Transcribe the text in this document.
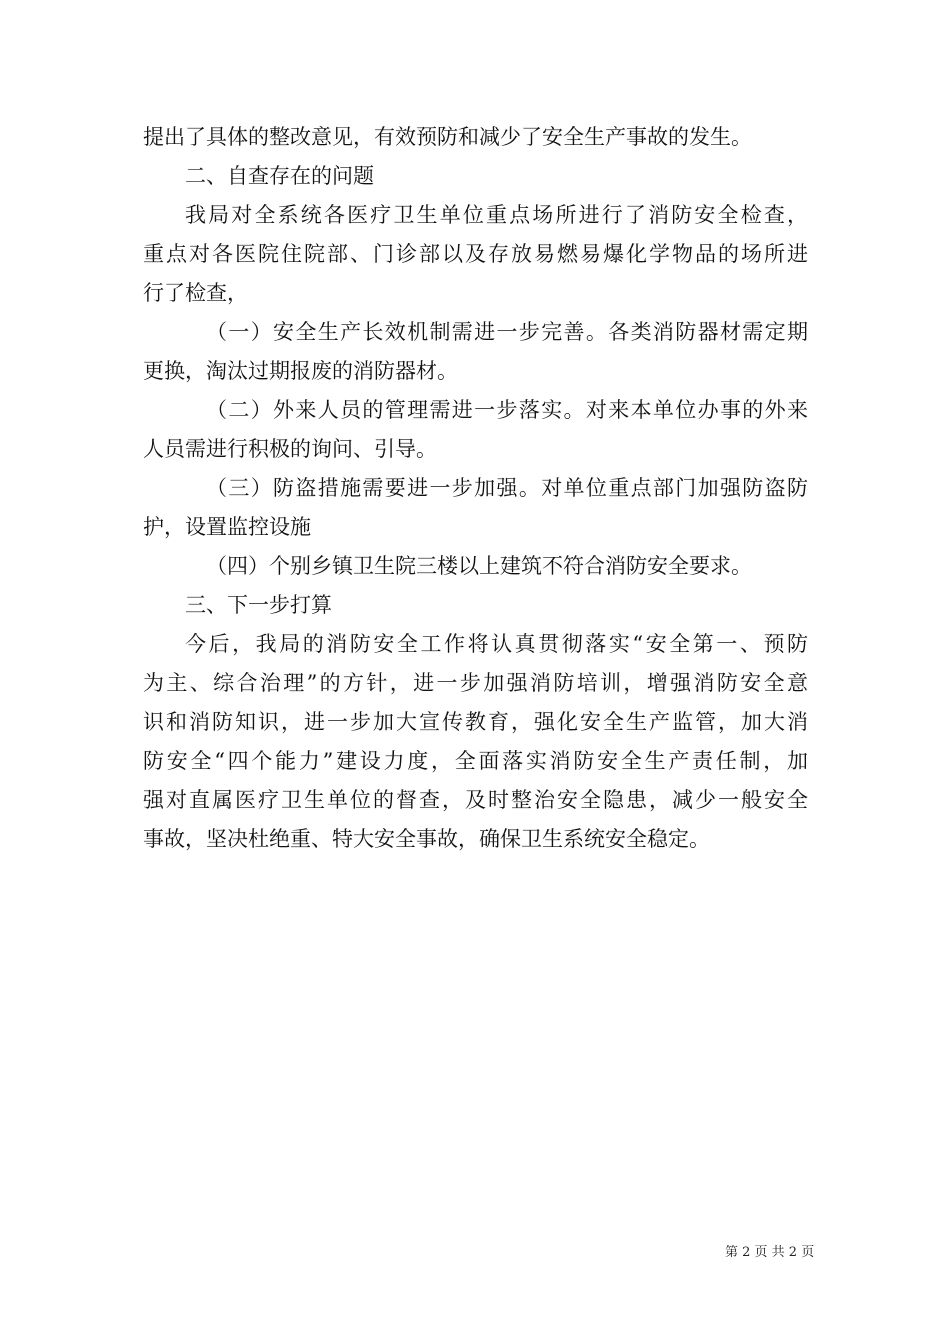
提出了具体的整改意见，有效预防和减少了安全生产事故的发生。
二、自查存在的问题
我局对全系统各医疗卫生单位重点场所进行了消防安全检查，
重点对各医院住院部、门诊部以及存放易燃易爆化学物品的场所进
行了检查，
（一）安全生产长效机制需进一步完善。各类消防器材需定期
更换，淘汰过期报废的消防器材。
（二）外来人员的管理需进一步落实。对来本单位办事的外来
人员需进行积极的询问、引导。
（三）防盗措施需要进一步加强。对单位重点部门加强防盗防
护，设置监控设施
（四）个别乡镇卫生院三楼以上建筑不符合消防安全要求。
三、下一步打算
今后，我局的消防安全工作将认真贯彻落实“安全第一、预防
为主、综合治理”的方针，进一步加强消防培训，增强消防安全意
识和消防知识，进一步加大宣传教育，强化安全生产监管，加大消
防安全“四个能力”建设力度，全面落实消防安全生产责任制，加
强对直属医疗卫生单位的督查，及时整治安全隐患，减少一般安全
事故，坚决杜绝重、特大安全事故，确保卫生系统安全稳定。
第 2 页 共 2 页
